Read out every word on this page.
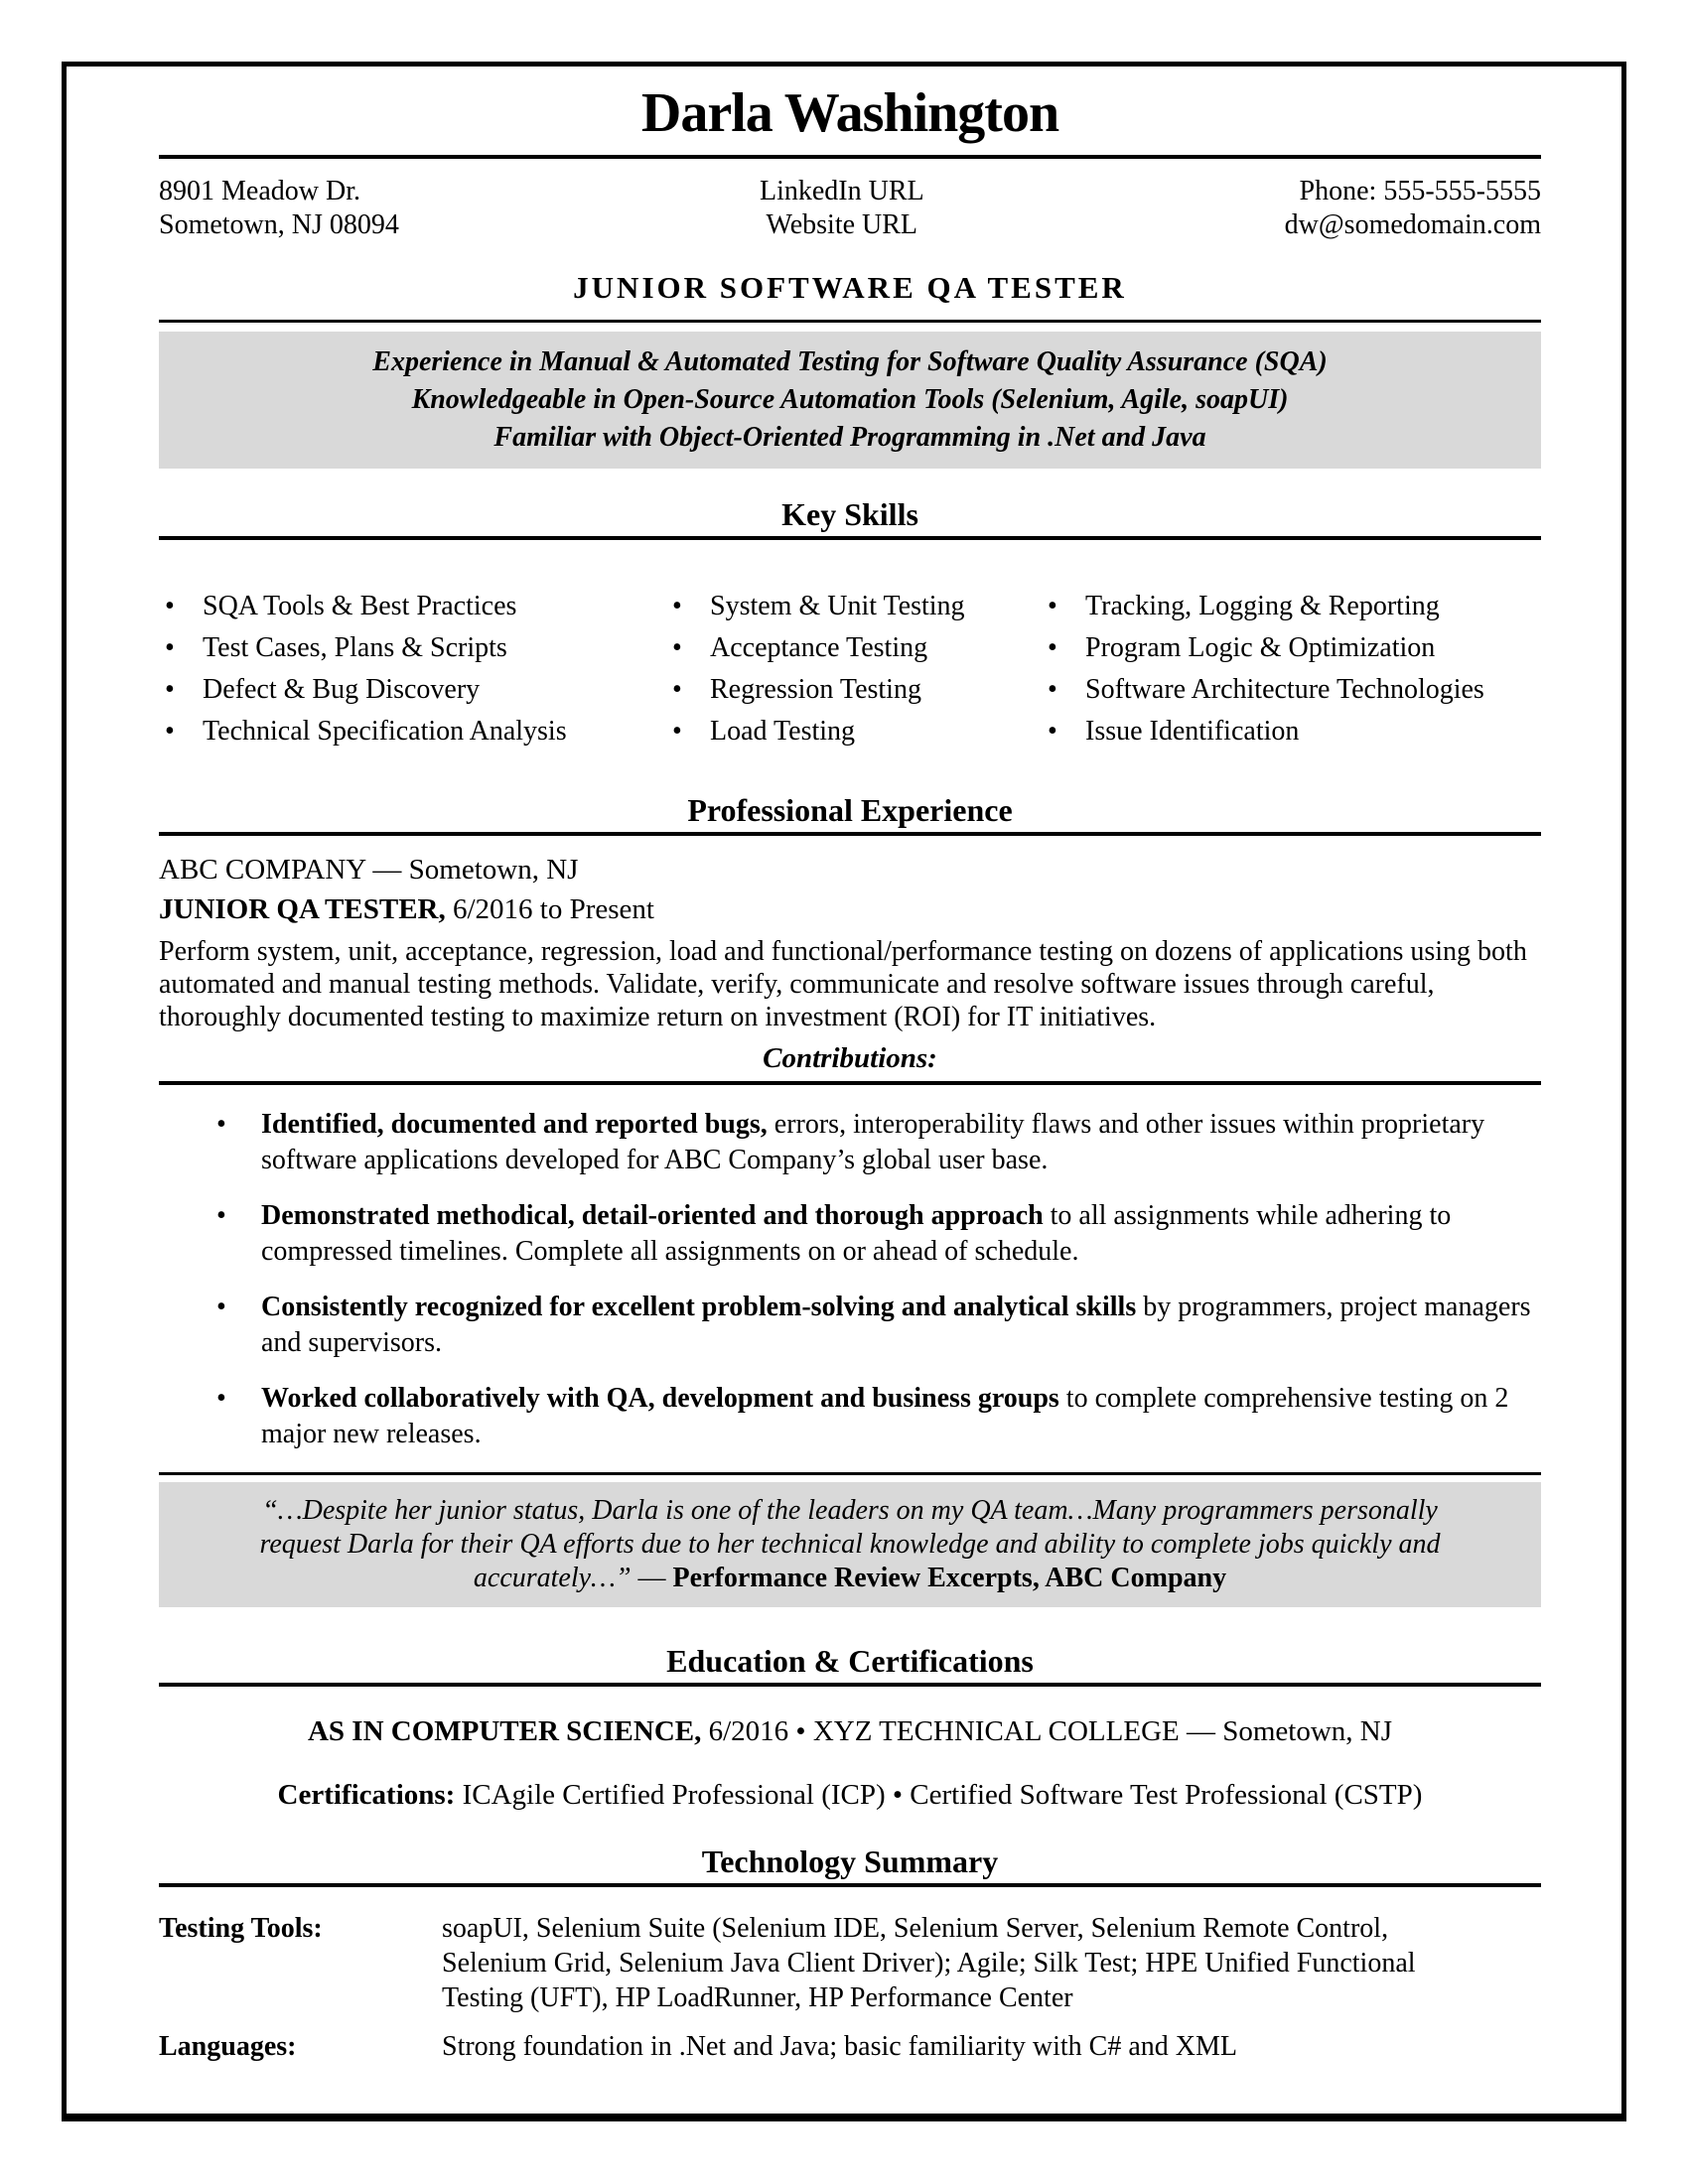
Darla Washington
8901 Meadow Dr.
Sometown, NJ 08094
LinkedIn URL
Website URL
Phone: 555-555-5555
dw@somedomain.com
JUNIOR SOFTWARE QA TESTER
Experience in Manual & Automated Testing for Software Quality Assurance (SQA)
Knowledgeable in Open-Source Automation Tools (Selenium, Agile, soapUI)
Familiar with Object-Oriented Programming in .Net and Java
Key Skills
•	SQA Tools & Best Practices
•	Test Cases, Plans & Scripts
•	Defect & Bug Discovery
•	Technical Specification Analysis
•	System & Unit Testing
•	Acceptance Testing
•	Regression Testing
•	Load Testing
•	Tracking, Logging & Reporting
•	Program Logic & Optimization
•	Software Architecture Technologies
•	Issue Identification
Professional Experience

ABC COMPANY — Sometown, NJ

JUNIOR QA TESTER, 6/2016 to Present

Perform system, unit, acceptance, regression, load and functional/performance testing on dozens of applications using both automated and manual testing methods. Validate, verify, communicate and resolve software issues through careful, thoroughly documented testing to maximize return on investment (ROI) for IT initiatives.

Contributions:
•	Identified, documented and reported bugs, errors, interoperability flaws and other issues within proprietary software applications developed for ABC Company’s global user base.
•	Demonstrated methodical, detail-oriented and thorough approach to all assignments while adhering to compressed timelines. Complete all assignments on or ahead of schedule.
•	Consistently recognized for excellent problem-solving and analytical skills by programmers, project managers and supervisors.
•	Worked collaboratively with QA, development and business groups to complete comprehensive testing on 2 major new releases.
“…Despite her junior status, Darla is one of the leaders on my QA team…Many programmers personally request Darla for their QA efforts due to her technical knowledge and ability to complete jobs quickly and accurately…” — Performance Review Excerpts, ABC Company
Education & Certifications

AS IN COMPUTER SCIENCE, 6/2016 • XYZ TECHNICAL COLLEGE — Sometown, NJ

Certifications: ICAgile Certified Professional (ICP) • Certified Software Test Professional (CSTP)

Technology Summary
Testing Tools:	soapUI, Selenium Suite (Selenium IDE, Selenium Server, Selenium Remote Control, Selenium Grid, Selenium Java Client Driver); Agile; Silk Test; HPE Unified Functional Testing (UFT), HP LoadRunner, HP Performance Center
Languages:	Strong foundation in .Net and Java; basic familiarity with C# and XML
